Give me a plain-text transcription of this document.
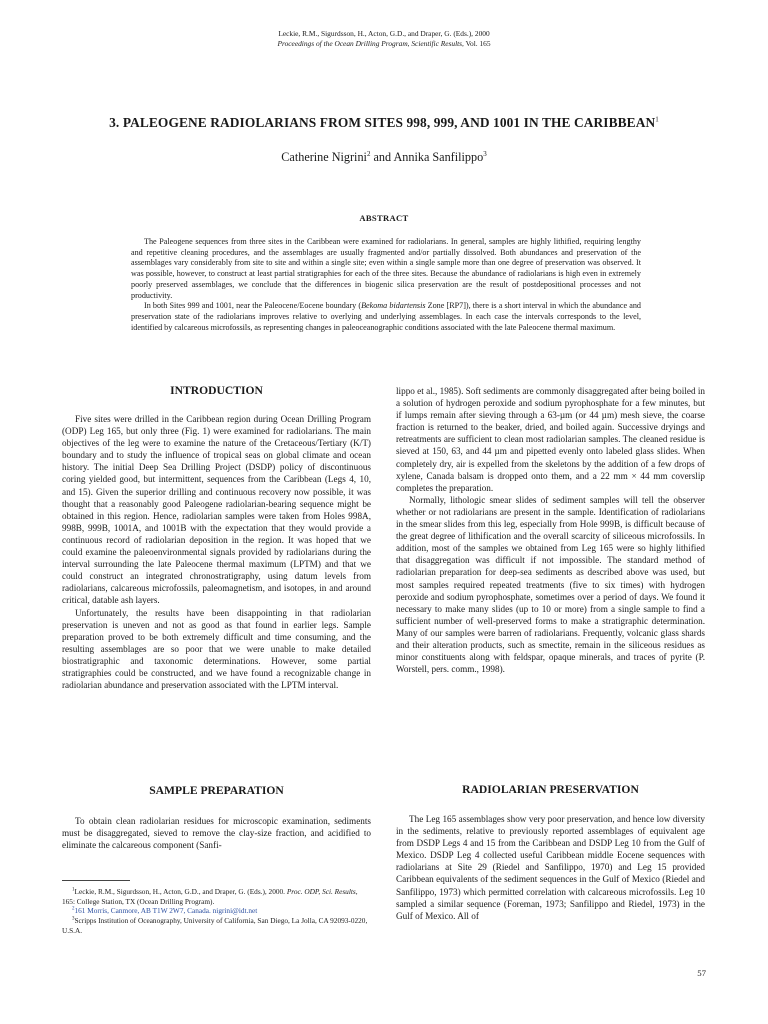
Leckie, R.M., Sigurdsson, H., Acton, G.D., and Draper, G. (Eds.), 2000
Proceedings of the Ocean Drilling Program, Scientific Results, Vol. 165
3. PALEOGENE RADIOLARIANS FROM SITES 998, 999, AND 1001 IN THE CARIBBEAN$^1$
Catherine Nigrini$^2$ and Annika Sanfilippo$^3$
ABSTRACT

The Paleogene sequences from three sites in the Caribbean were examined for radiolarians. In general, samples are highly lithified, requiring lengthy and repetitive cleaning procedures, and the assemblages are usually fragmented and/or partially dissolved. Both abundances and preservation of the assemblages vary considerably from site to site and within a single site; even within a single sample more than one degree of preservation was observed. It was possible, however, to construct at least partial stratigraphies for each of the three sites. Because the abundance of radiolarians is high even in extremely poorly preserved assemblages, we conclude that the differences in biogenic silica preservation are the result of postdepositional processes and not productivity.

In both Sites 999 and 1001, near the Paleocene/Eocene boundary (Bekoma bidartensis Zone [RP7]), there is a short interval in which the abundance and preservation state of the radiolarians improves relative to overlying and underlying assemblages. In each case the intervals corresponds to the level, identified by calcareous microfossils, as representing changes in paleoceanographic conditions associated with the late Paleocene thermal maximum.

INTRODUCTION

Five sites were drilled in the Caribbean region during Ocean Drilling Program (ODP) Leg 165, but only three (Fig. 1) were examined for radiolarians. The main objectives of the leg were to examine the nature of the Cretaceous/Tertiary (K/T) boundary and to study the influence of tropical seas on global climate and ocean history. The initial Deep Sea Drilling Project (DSDP) policy of discontinuous coring yielded good, but intermittent, sequences from the Caribbean (Legs 4, 10, and 15). Given the superior drilling and continuous recovery now possible, it was thought that a reasonably good Paleogene radiolarian-bearing sequence might be obtained in this region. Hence, radiolarian samples were taken from Holes 998A, 998B, 999B, 1001A, and 1001B with the expectation that they would provide a continuous record of radiolarian deposition in the region. It was hoped that we could examine the paleoenvironmental signals provided by radiolarians during the interval surrounding the late Paleocene thermal maximum (LPTM) and that we could construct an integrated chronostratigraphy, using datum levels from radiolarians, calcareous microfossils, paleomagnetism, and isotopes, in and around critical, datable ash layers.

Unfortunately, the results have been disappointing in that radiolarian preservation is uneven and not as good as that found in earlier legs. Sample preparation proved to be both extremely difficult and time consuming, and the resulting assemblages are so poor that we were unable to make detailed biostratigraphic and taxonomic determinations. However, some partial stratigraphies could be constructed, and we have found a recognizable change in radiolarian abundance and preservation associated with the LPTM interval.

SAMPLE PREPARATION

To obtain clean radiolarian residues for microscopic examination, sediments must be disaggregated, sieved to remove the clay-size fraction, and acidified to eliminate the calcareous component (Sanfi-

lippo et al., 1985). Soft sediments are commonly disaggregated after being boiled in a solution of hydrogen peroxide and sodium pyrophosphate for a few minutes, but if lumps remain after sieving through a 63-µm (or 44 µm) mesh sieve, the coarse fraction is returned to the beaker, dried, and boiled again. Successive dryings and retreatments are sufficient to clean most radiolarian samples. The cleaned residue is sieved at 150, 63, and 44 µm and pipetted evenly onto labeled glass slides. When completely dry, air is expelled from the skeletons by the addition of a few drops of xylene, Canada balsam is dropped onto them, and a 22 mm × 44 mm coverslip completes the preparation.

Normally, lithologic smear slides of sediment samples will tell the observer whether or not radiolarians are present in the sample. Identification of radiolarians in the smear slides from this leg, especially from Hole 999B, is difficult because of the great degree of lithification and the overall scarcity of siliceous microfossils. In addition, most of the samples we obtained from Leg 165 were so highly lithified that disaggregation was difficult if not impossible. The standard method of radiolarian preparation for deep-sea sediments as described above was used, but most samples required repeated treatments (five to six times) with hydrogen peroxide and sodium pyrophosphate, sometimes over a period of days. We found it necessary to make many slides (up to 10 or more) from a single sample to find a sufficient number of well-preserved forms to make a stratigraphic determination. Many of our samples were barren of radiolarians. Frequently, volcanic glass shards and their alteration products, such as smectite, remain in the siliceous residues as minor constituents along with feldspar, opaque minerals, and traces of pyrite (P. Worstell, pers. comm., 1998).

RADIOLARIAN PRESERVATION

The Leg 165 assemblages show very poor preservation, and hence low diversity in the sediments, relative to previously reported assemblages of equivalent age from DSDP Legs 4 and 15 from the Caribbean and DSDP Leg 10 from the Gulf of Mexico. DSDP Leg 4 collected useful Caribbean middle Eocene sequences with radiolarians at Site 29 (Riedel and Sanfilippo, 1970) and Leg 15 provided Caribbean equivalents of the sediment sequences in the Gulf of Mexico (Riedel and Sanfilippo, 1973) which permitted correlation with calcareous microfossils. Leg 10 sampled a similar sequence (Foreman, 1973; Sanfilippo and Riedel, 1973) in the Gulf of Mexico. All of

$^1$Leckie, R.M., Sigurdsson, H., Acton, G.D., and Draper, G. (Eds.), 2000. Proc. ODP, Sci. Results, 165: College Station, TX (Ocean Drilling Program).

$^2$161 Morris, Canmore, AB T1W 2W7, Canada. nigrini@idt.net

$^3$Scripps Institution of Oceanography, University of California, San Diego, La Jolla, CA 92093-0220, U.S.A.

57
